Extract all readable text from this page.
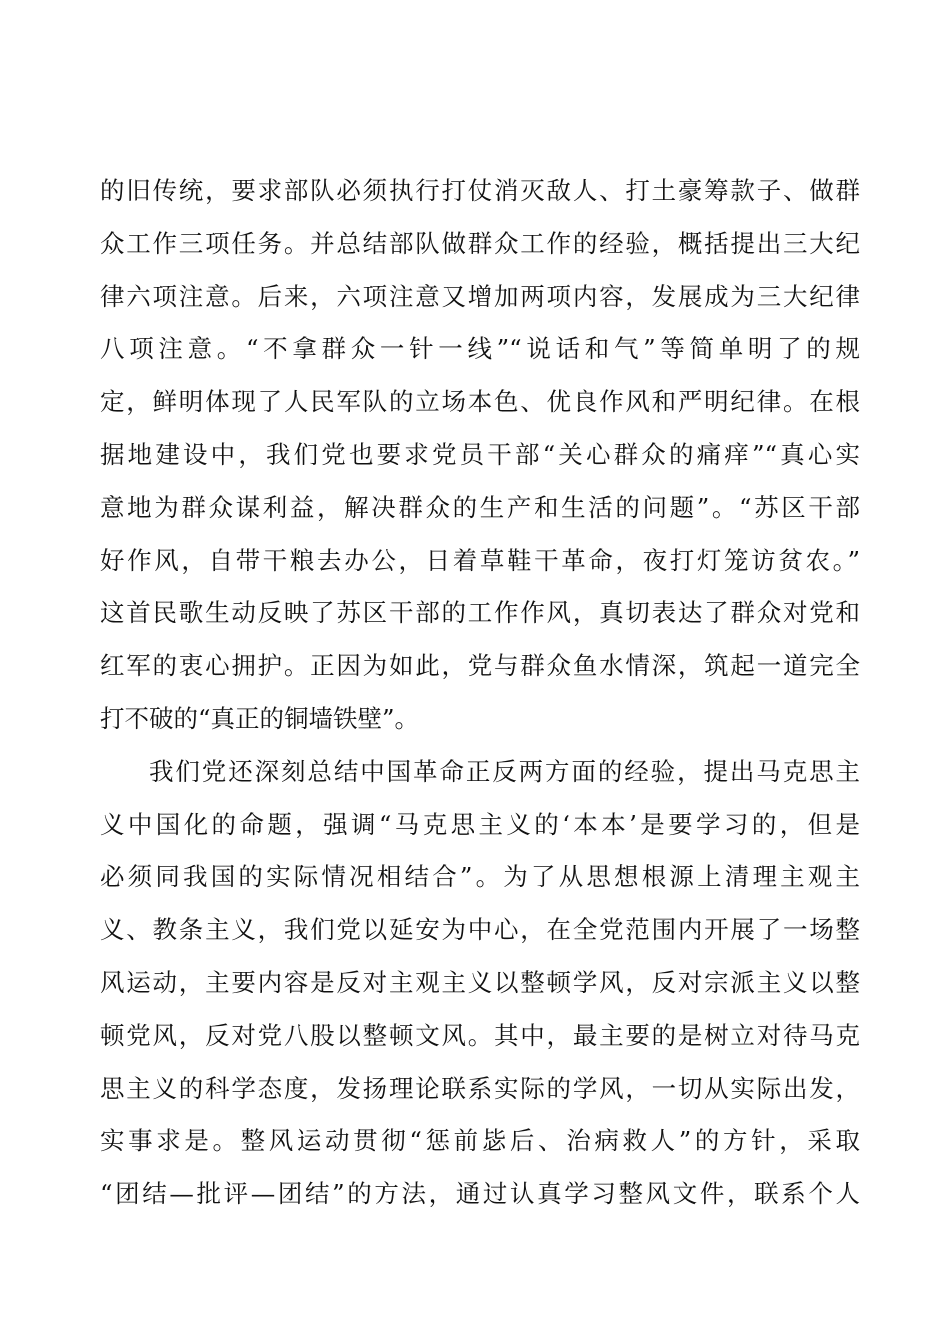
的旧传统，要求部队必须执行打仗消灭敌人、打土豪筹款子、做群
众工作三项任务。并总结部队做群众工作的经验，概括提出三大纪
律六项注意。后来，六项注意又增加两项内容，发展成为三大纪律
八项注意。“不拿群众一针一线”“说话和气”等简单明了的规
定，鲜明体现了人民军队的立场本色、优良作风和严明纪律。在根
据地建设中，我们党也要求党员干部“关心群众的痛痒”“真心实
意地为群众谋利益，解决群众的生产和生活的问题”。“苏区干部
好作风，自带干粮去办公，日着草鞋干革命，夜打灯笼访贫农。”
这首民歌生动反映了苏区干部的工作作风，真切表达了群众对党和
红军的衷心拥护。正因为如此，党与群众鱼水情深，筑起一道完全
打不破的“真正的铜墙铁壁”。
我们党还深刻总结中国革命正反两方面的经验，提出马克思主
义中国化的命题，强调“马克思主义的‘本本’是要学习的，但是
必须同我国的实际情况相结合”。为了从思想根源上清理主观主
义、教条主义，我们党以延安为中心，在全党范围内开展了一场整
风运动，主要内容是反对主观主义以整顿学风，反对宗派主义以整
顿党风，反对党八股以整顿文风。其中，最主要的是树立对待马克
思主义的科学态度，发扬理论联系实际的学风，一切从实际出发，
实事求是。整风运动贯彻“惩前毖后、治病救人”的方针，采取
“团结—批评—团结”的方法，通过认真学习整风文件，联系个人
